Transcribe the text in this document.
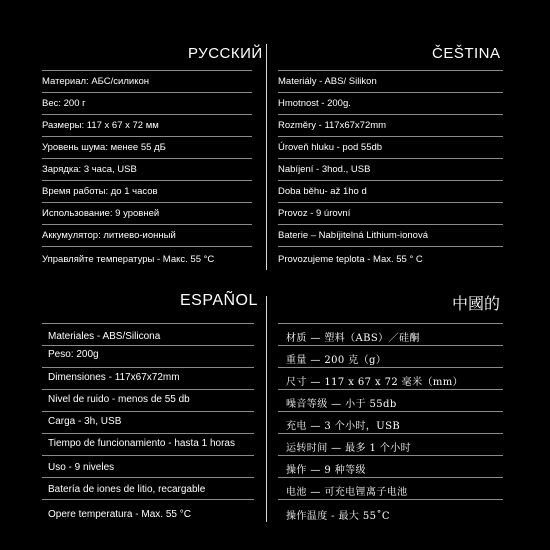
РУССКИЙ	ČEŠTINA
ESPAÑOL	中國的
Материал: АБС/силикон
Вес: 200 г
Размеры: 117 x 67 x 72 мм
Уровень шума: менее 55 дБ
Зарядка: 3 часа, USB
Время работы: до 1 часов
Использование: 9 уровней
Аккумулятор: литиево-ионный
Управляйте температуры - Макс. 55 °C
Materiály - ABS/ Silikon
Hmotnost - 200g.
Rozměry - 117x67x72mm
Úroveň hluku - pod 55db
Nabíjení - 3hod., USB
Doba běhu- až 1ho d
Provoz - 9 úrovní
Baterie – Nabíjitelná Lithium-ionová
Provozujeme teplota - Max. 55 ° C
Materiales - ABS/Silicona
Peso: 200g
Dimensiones - 117x67x72mm
Nivel de ruido - menos de 55 db
Carga - 3h, USB
Tiempo de funcionamiento - hasta 1 horas
Uso - 9 niveles
Batería de iones de litio, recargable
Opere temperatura - Max. 55 °C
材质 — 塑料（ABS）／硅酮
重量 — 200 克（g）
尺寸 — 117 x 67 x 72 毫米（mm）
噪音等级 — 小于 55db
充电 — 3 个小时，USB
运转时间 — 最多 1 个小时
操作 — 9 种等级
电池 — 可充电锂离子电池
操作温度 - 最大 55˚C
